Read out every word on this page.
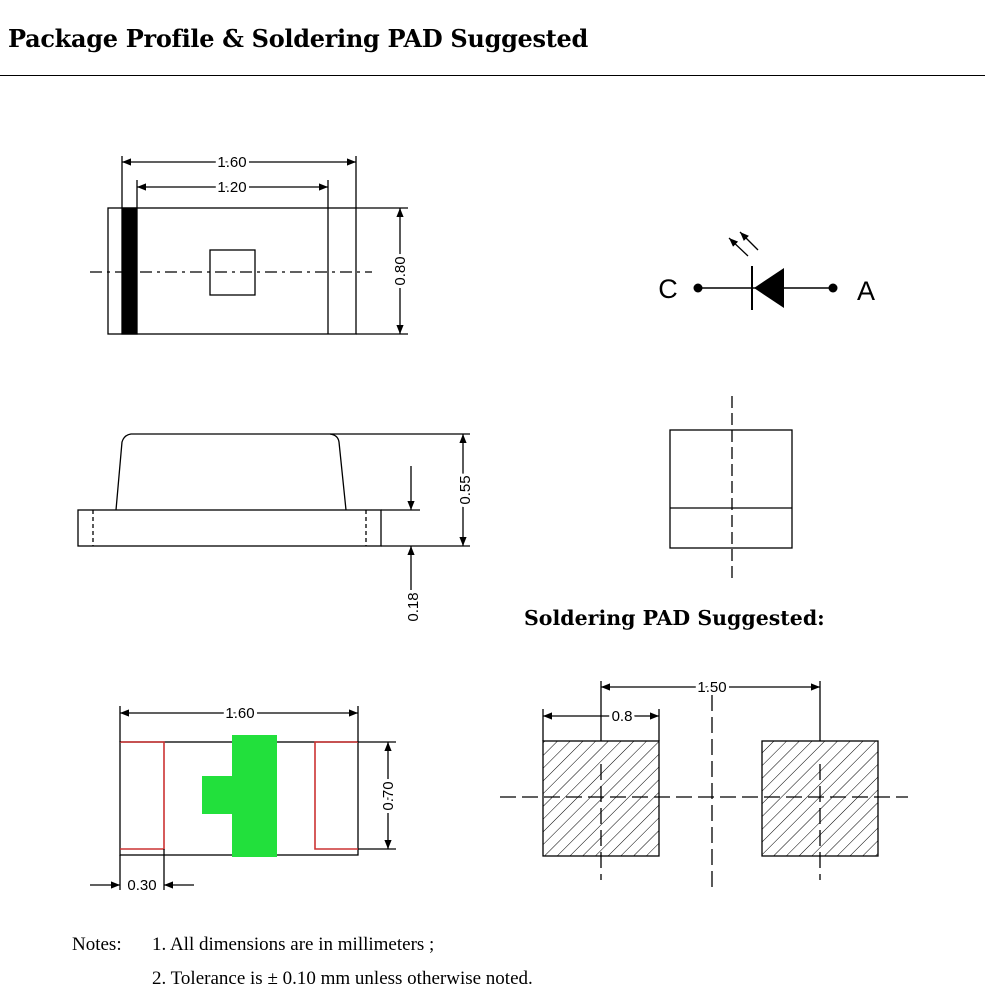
Package Profile & Soldering PAD Suggested
1.60
1.20
0.80
C	A
0.55
0.18
1.60
0.70
0.30
Soldering PAD Suggested:
1.50
0.8
Notes: 1. All dimensions are in millimeters ;
2. Tolerance is ± 0.10 mm unless otherwise noted.
